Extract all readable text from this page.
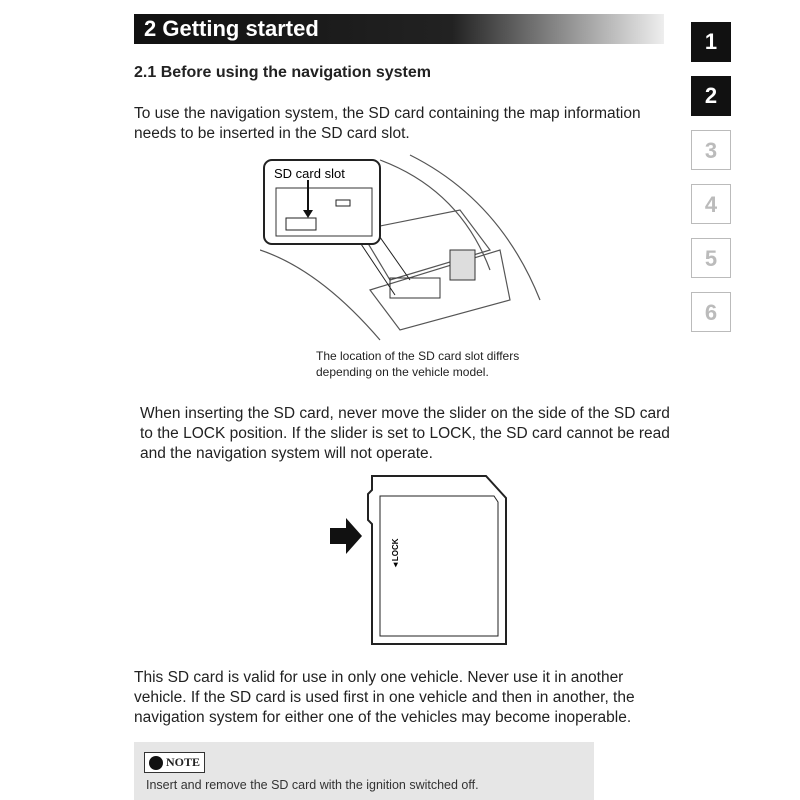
2 Getting started
2.1 Before using the navigation system
To use the navigation system, the SD card containing the map information
needs to be inserted in the SD card slot.
SD card slot
The location of the SD card slot differs
depending on the vehicle model.
When inserting the SD card, never move the slider on the side of the SD card
to the LOCK position. If the slider is set to LOCK, the SD card cannot be read
and the navigation system will not operate.
◄LOCK
This SD card is valid for use in only one vehicle. Never use it in another
vehicle. If the SD card is used first in one vehicle and then in another, the
navigation system for either one of the vehicles may become inoperable.
NOTE
Insert and remove the SD card with the ignition switched off.
1
2
3
4
5
6
